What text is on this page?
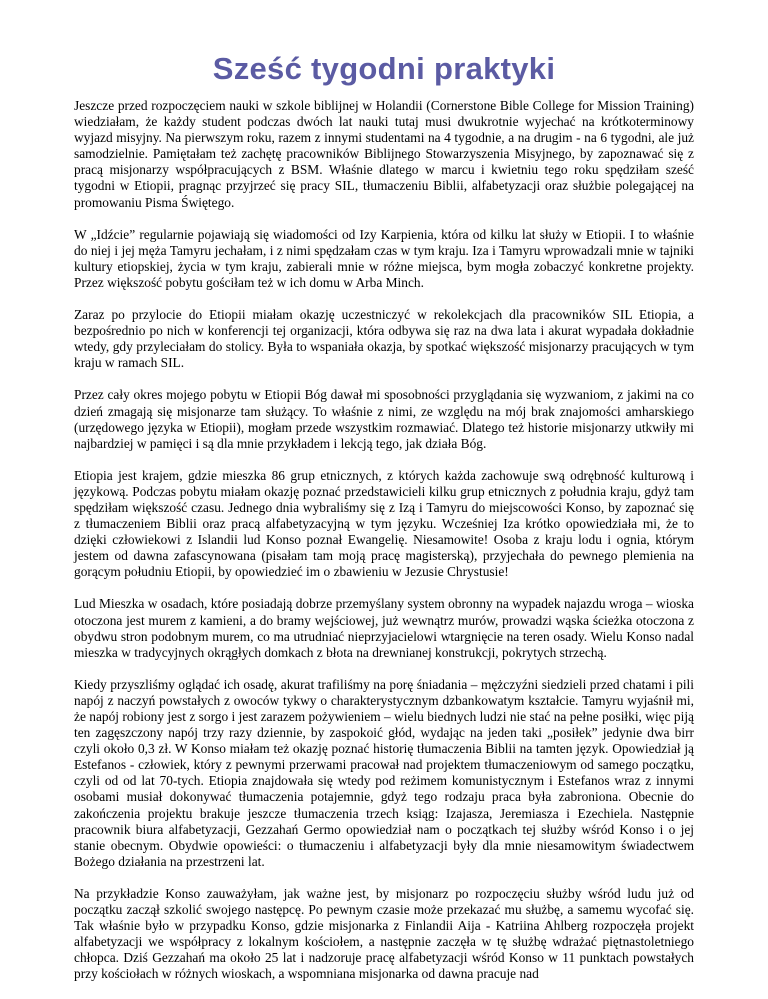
Sześć tygodni praktyki

Jeszcze przed rozpoczęciem nauki w szkole biblijnej w Holandii (Cornerstone Bible College for Mission Training) wiedziałam, że każdy student podczas dwóch lat nauki tutaj musi dwukrotnie wyjechać na krótkoterminowy wyjazd misyjny. Na pierwszym roku, razem z innymi studentami na 4 tygodnie, a na drugim - na 6 tygodni, ale już samodzielnie. Pamiętałam też zachętę pracowników Biblijnego Stowarzyszenia Misyjnego, by zapoznawać się z pracą misjonarzy współpracujących z BSM. Właśnie dlatego w marcu i kwietniu tego roku spędziłam sześć tygodni w Etiopii, pragnąc przyjrzeć się pracy SIL, tłumaczeniu Biblii, alfabetyzacji oraz służbie polegającej na promowaniu Pisma Świętego.

W „Idźcie” regularnie pojawiają się wiadomości od Izy Karpienia, która od kilku lat służy w Etiopii. I to właśnie do niej i jej męża Tamyru jechałam, i z nimi spędzałam czas w tym kraju. Iza i Tamyru wprowadzali mnie w tajniki kultury etiopskiej, życia w tym kraju, zabierali mnie w różne miejsca, bym mogła zobaczyć konkretne projekty. Przez większość pobytu gościłam też w ich domu w Arba Minch.

Zaraz po przylocie do Etiopii miałam okazję uczestniczyć w rekolekcjach dla pracowników SIL Etiopia, a bezpośrednio po nich w konferencji tej organizacji, która odbywa się raz na dwa lata i akurat wypadała dokładnie wtedy, gdy przyleciałam do stolicy. Była to wspaniała okazja, by spotkać większość misjonarzy pracujących w tym kraju w ramach SIL.

Przez cały okres mojego pobytu w Etiopii Bóg dawał mi sposobności przyglądania się wyzwaniom, z jakimi na co dzień zmagają się misjonarze tam służący. To właśnie z nimi, ze względu na mój brak znajomości amharskiego (urzędowego języka w Etiopii), mogłam przede wszystkim rozmawiać. Dlatego też historie misjonarzy utkwiły mi najbardziej w pamięci i są dla mnie przykładem i lekcją tego, jak działa Bóg.

Etiopia jest krajem, gdzie mieszka 86 grup etnicznych, z których każda zachowuje swą odrębność kulturową i językową. Podczas pobytu miałam okazję poznać przedstawicieli kilku grup etnicznych z południa kraju, gdyż tam spędziłam większość czasu. Jednego dnia wybraliśmy się z Izą i Tamyru do miejscowości Konso, by zapoznać się z tłumaczeniem Biblii oraz pracą alfabetyzacyjną w tym języku. Wcześniej Iza krótko opowiedziała mi, że to dzięki człowiekowi z Islandii lud Konso poznał Ewangelię. Niesamowite! Osoba z kraju lodu i ognia, którym jestem od dawna zafascynowana (pisałam tam moją pracę magisterską), przyjechała do pewnego plemienia na gorącym południu Etiopii, by opowiedzieć im o zbawieniu w Jezusie Chrystusie!

Lud Mieszka w osadach, które posiadają dobrze przemyślany system obronny na wypadek najazdu wroga – wioska otoczona jest murem z kamieni, a do bramy wejściowej, już wewnątrz murów, prowadzi wąska ścieżka otoczona z obydwu stron podobnym murem, co ma utrudniać nieprzyjacielowi wtargnięcie na teren osady. Wielu Konso nadal mieszka w tradycyjnych okrągłych domkach z błota na drewnianej konstrukcji, pokrytych strzechą.

Kiedy przyszliśmy oglądać ich osadę, akurat trafiliśmy na porę śniadania – mężczyźni siedzieli przed chatami i pili napój z naczyń powstałych z owoców tykwy o charakterystycznym dzbankowatym kształcie. Tamyru wyjaśnił mi, że napój robiony jest z sorgo i jest zarazem pożywieniem – wielu biednych ludzi nie stać na pełne posiłki, więc piją ten zagęszczony napój trzy razy dziennie, by zaspokoić głód, wydając na jeden taki „posiłek” jedynie dwa birr czyli około 0,3 zł. W Konso miałam też okazję poznać historię tłumaczenia Biblii na tamten język. Opowiedział ją Estefanos - człowiek, który z pewnymi przerwami pracował nad projektem tłumaczeniowym od samego początku, czyli od od lat 70-tych. Etiopia znajdowała się wtedy pod reżimem komunistycznym i Estefanos wraz z innymi osobami musiał dokonywać tłumaczenia potajemnie, gdyż tego rodzaju praca była zabroniona. Obecnie do zakończenia projektu brakuje jeszcze tłumaczenia trzech ksiąg: Izajasza, Jeremiasza i Ezechiela. Następnie pracownik biura alfabetyzacji, Gezzahań Germo opowiedział nam o początkach tej służby wśród Konso i o jej stanie obecnym. Obydwie opowieści: o tłumaczeniu i alfabetyzacji były dla mnie niesamowitym świadectwem Bożego działania na przestrzeni lat.

Na przykładzie Konso zauważyłam, jak ważne jest, by misjonarz po rozpoczęciu służby wśród ludu już od początku zaczął szkolić swojego następcę. Po pewnym czasie może przekazać mu służbę, a samemu wycofać się. Tak właśnie było w przypadku Konso, gdzie misjonarka z Finlandii Aija - Katriina Ahlberg rozpoczęła projekt alfabetyzacji we współpracy z lokalnym kościołem, a następnie zaczęła w tę służbę wdrażać piętnastoletniego chłopca. Dziś Gezzahań ma około 25 lat i nadzoruje pracę alfabetyzacji wśród Konso w 11 punktach powstałych przy kościołach w różnych wioskach, a wspomniana misjonarka od dawna pracuje nad
